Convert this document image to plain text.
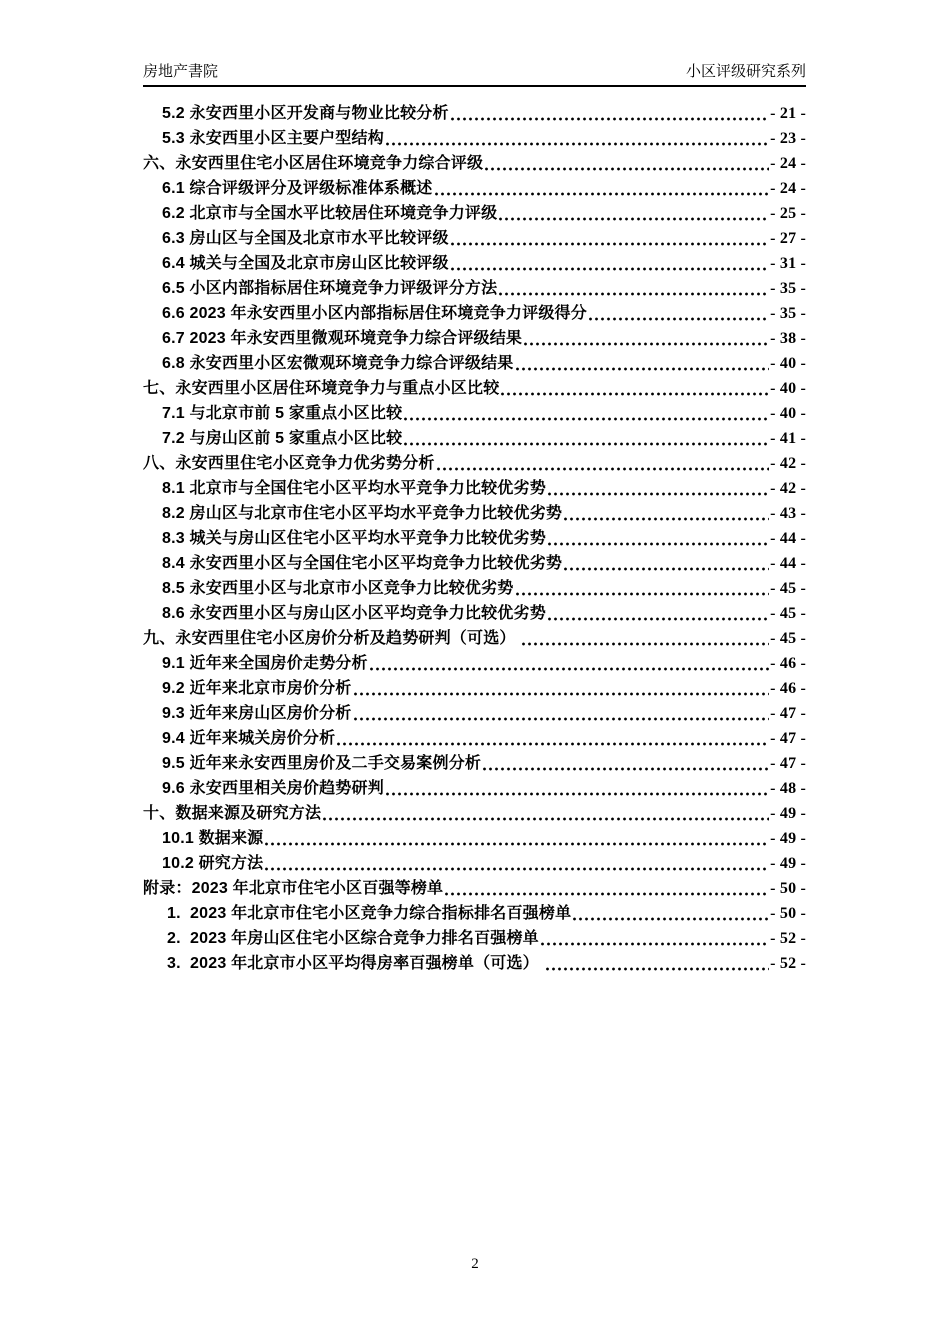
房地产書院	小区评级研究系列
5.2 永安西里小区开发商与物业比较分析	- 21 -
5.3 永安西里小区主要户型结构	- 23 -
六、永安西里住宅小区居住环境竞争力综合评级	- 24 -
6.1 综合评级评分及评级标准体系概述	- 24 -
6.2 北京市与全国水平比较居住环境竞争力评级	- 25 -
6.3 房山区与全国及北京市水平比较评级	- 27 -
6.4 城关与全国及北京市房山区比较评级	- 31 -
6.5 小区内部指标居住环境竞争力评级评分方法	- 35 -
6.6 2023 年永安西里小区内部指标居住环境竞争力评级得分	- 35 -
6.7 2023 年永安西里微观环境竞争力综合评级结果	- 38 -
6.8 永安西里小区宏微观环境竞争力综合评级结果	- 40 -
七、永安西里小区居住环境竞争力与重点小区比较	- 40 -
7.1 与北京市前 5 家重点小区比较	- 40 -
7.2 与房山区前 5 家重点小区比较	- 41 -
八、永安西里住宅小区竞争力优劣势分析	- 42 -
8.1 北京市与全国住宅小区平均水平竞争力比较优劣势	- 42 -
8.2 房山区与北京市住宅小区平均水平竞争力比较优劣势	- 43 -
8.3 城关与房山区住宅小区平均水平竞争力比较优劣势	- 44 -
8.4 永安西里小区与全国住宅小区平均竞争力比较优劣势	- 44 -
8.5 永安西里小区与北京市小区竞争力比较优劣势	- 45 -
8.6 永安西里小区与房山区小区平均竞争力比较优劣势	- 45 -
九、永安西里住宅小区房价分析及趋势研判（可选）	- 45 -
9.1 近年来全国房价走势分析	- 46 -
9.2 近年来北京市房价分析	- 46 -
9.3 近年来房山区房价分析	- 47 -
9.4 近年来城关房价分析	- 47 -
9.5 近年来永安西里房价及二手交易案例分析	- 47 -
9.6 永安西里相关房价趋势研判	- 48 -
十、数据来源及研究方法	- 49 -
10.1 数据来源	- 49 -
10.2 研究方法	- 49 -
附录：2023 年北京市住宅小区百强等榜单	- 50 -
1.  2023 年北京市住宅小区竞争力综合指标排名百强榜单	- 50 -
2.  2023 年房山区住宅小区综合竞争力排名百强榜单	- 52 -
3.  2023 年北京市小区平均得房率百强榜单（可选）	- 52 -
2
